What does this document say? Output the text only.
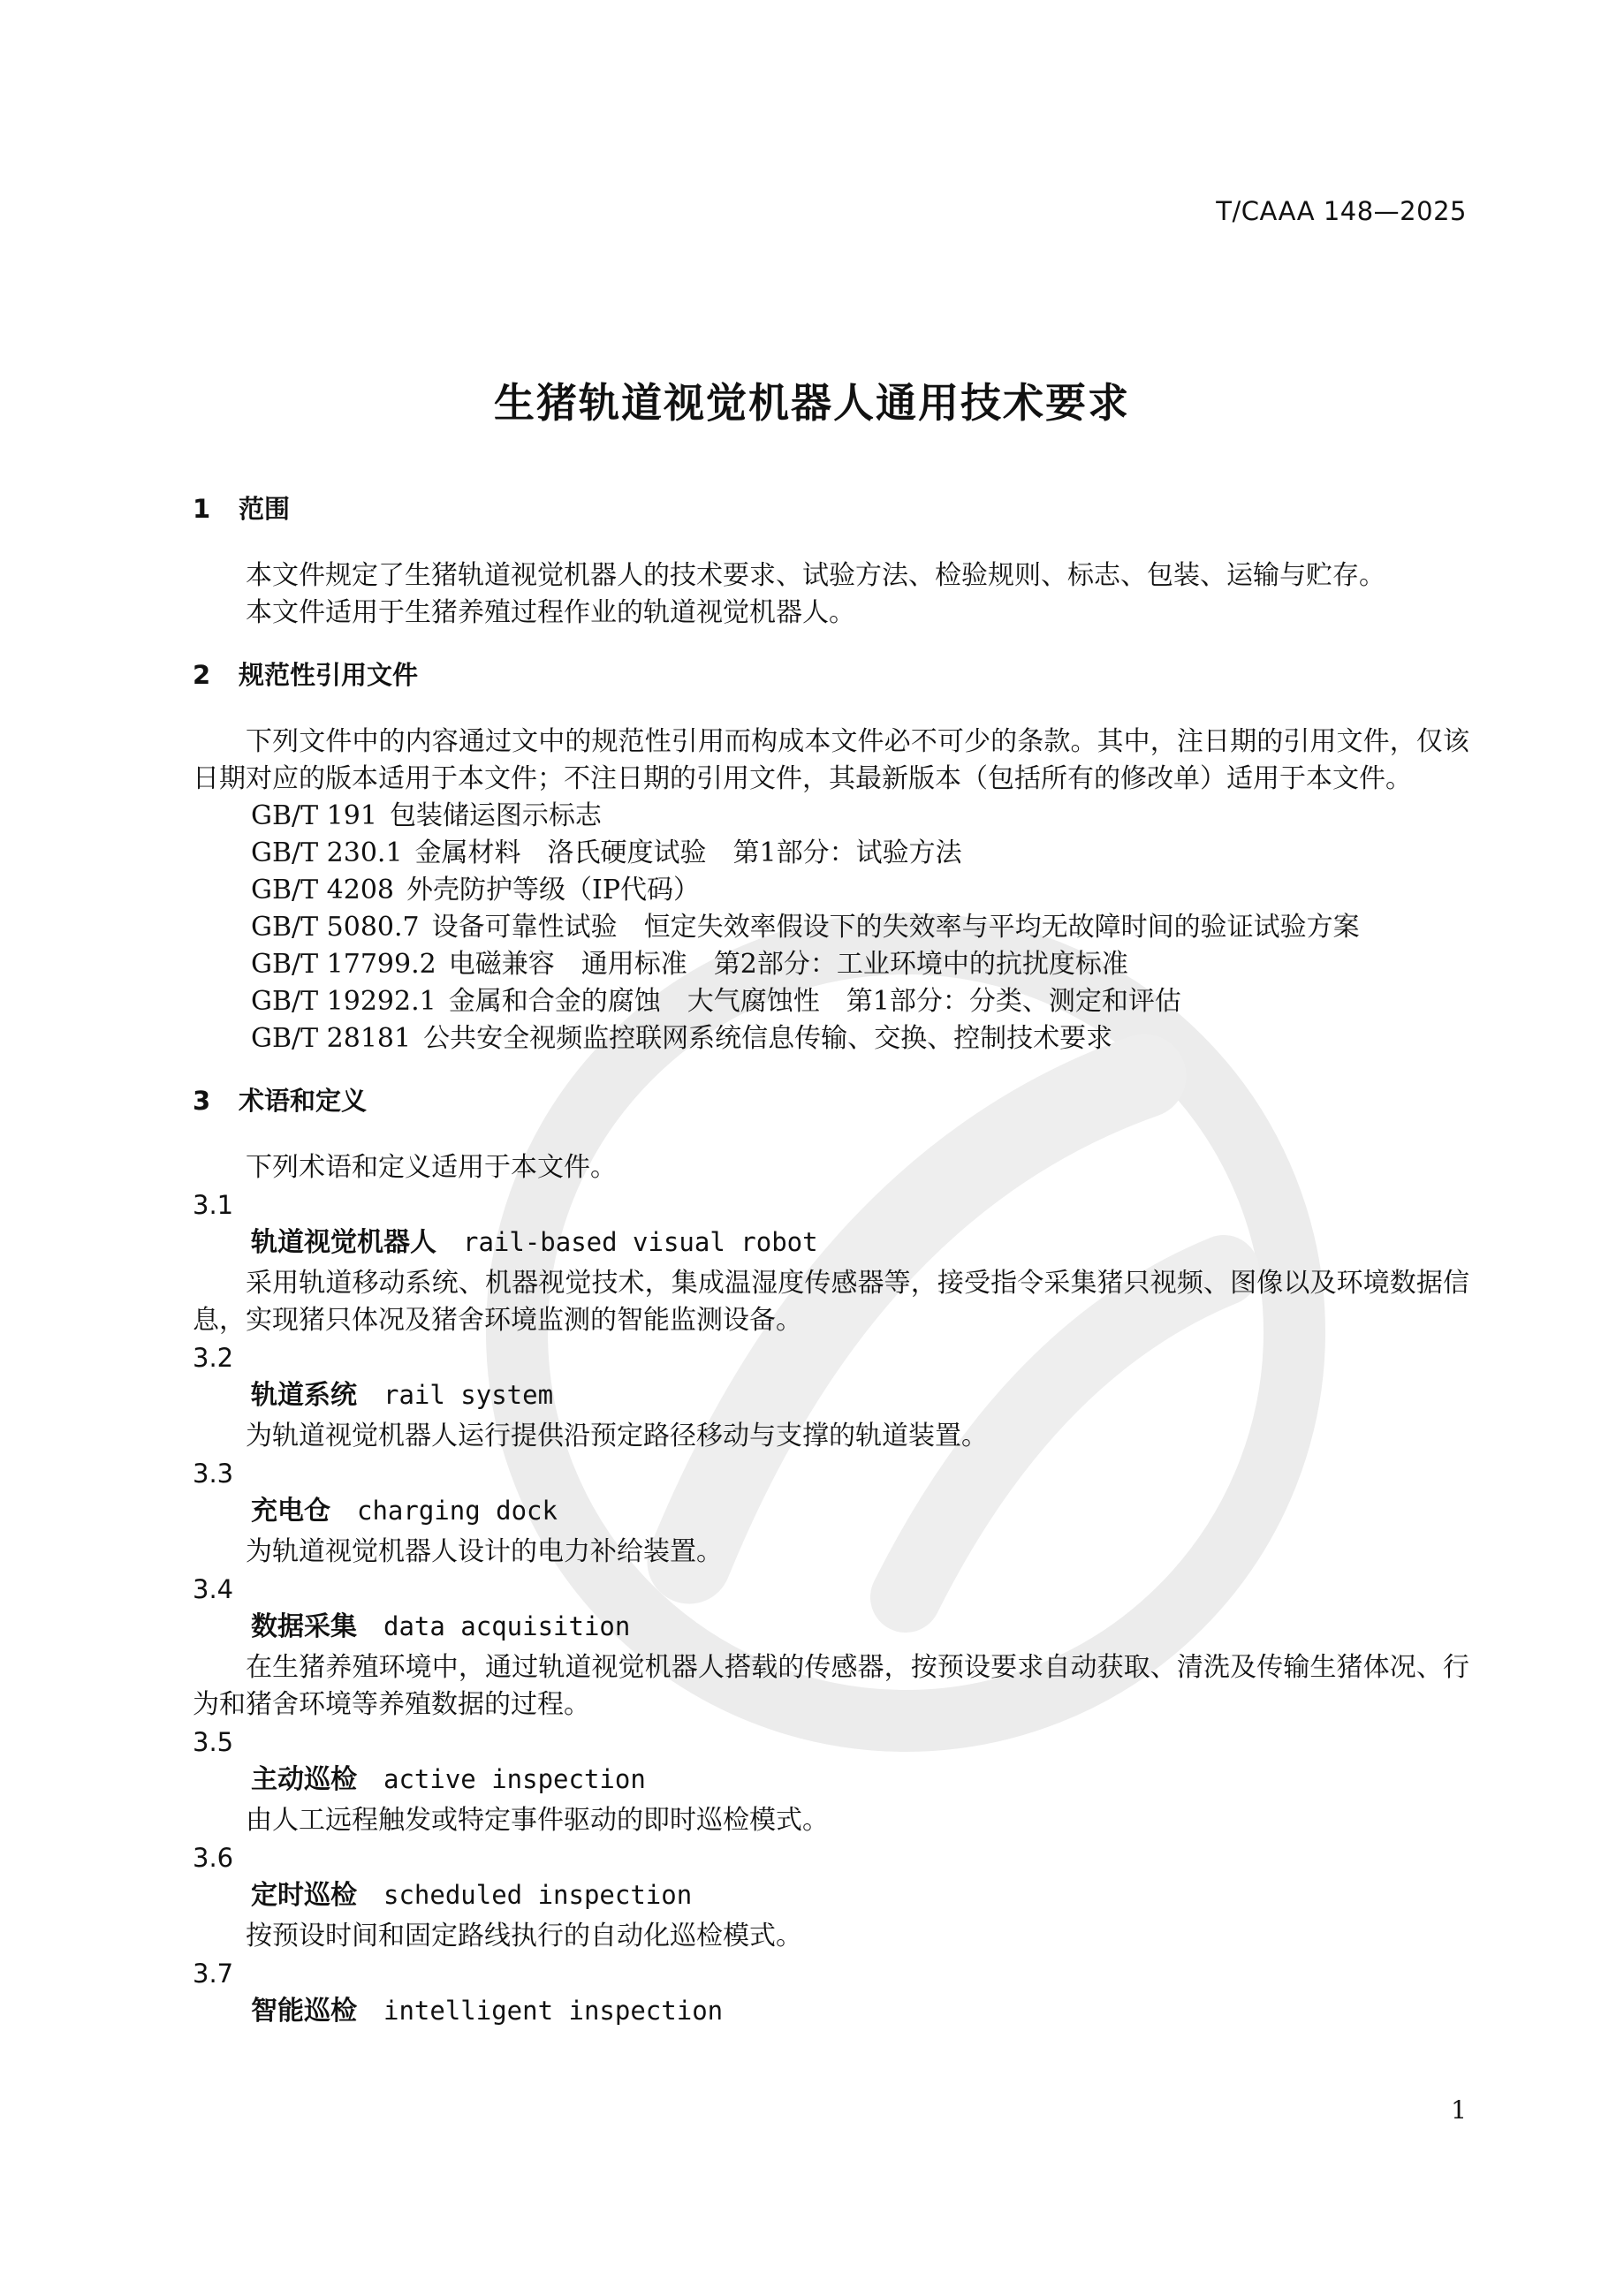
T/CAAA 148—2025
生猪轨道视觉机器人通用技术要求
1 范围
本文件规定了生猪轨道视觉机器人的技术要求、试验方法、检验规则、标志、包装、运输与贮存。
本文件适用于生猪养殖过程作业的轨道视觉机器人。
2 规范性引用文件
下列文件中的内容通过文中的规范性引用而构成本文件必不可少的条款。其中，注日期的引用文件，仅该日期对应的版本适用于本文件；不注日期的引用文件，其最新版本（包括所有的修改单）适用于本文件。
GB/T 191 包装储运图示标志
GB/T 230.1 金属材料　洛氏硬度试验　第1部分：试验方法
GB/T 4208 外壳防护等级（IP代码）
GB/T 5080.7 设备可靠性试验　恒定失效率假设下的失效率与平均无故障时间的验证试验方案
GB/T 17799.2 电磁兼容　通用标准　第2部分：工业环境中的抗扰度标准
GB/T 19292.1 金属和合金的腐蚀　大气腐蚀性　第1部分：分类、测定和评估
GB/T 28181 公共安全视频监控联网系统信息传输、交换、控制技术要求
3 术语和定义
下列术语和定义适用于本文件。
3.1
轨道视觉机器人 rail-based visual robot
采用轨道移动系统、机器视觉技术，集成温湿度传感器等，接受指令采集猪只视频、图像以及环境数据信息，实现猪只体况及猪舍环境监测的智能监测设备。
3.2
轨道系统 rail system
为轨道视觉机器人运行提供沿预定路径移动与支撑的轨道装置。
3.3
充电仓 charging dock
为轨道视觉机器人设计的电力补给装置。
3.4
数据采集 data acquisition
在生猪养殖环境中，通过轨道视觉机器人搭载的传感器，按预设要求自动获取、清洗及传输生猪体况、行为和猪舍环境等养殖数据的过程。
3.5
主动巡检 active inspection
由人工远程触发或特定事件驱动的即时巡检模式。
3.6
定时巡检 scheduled inspection
按预设时间和固定路线执行的自动化巡检模式。
3.7
智能巡检 intelligent inspection
1
